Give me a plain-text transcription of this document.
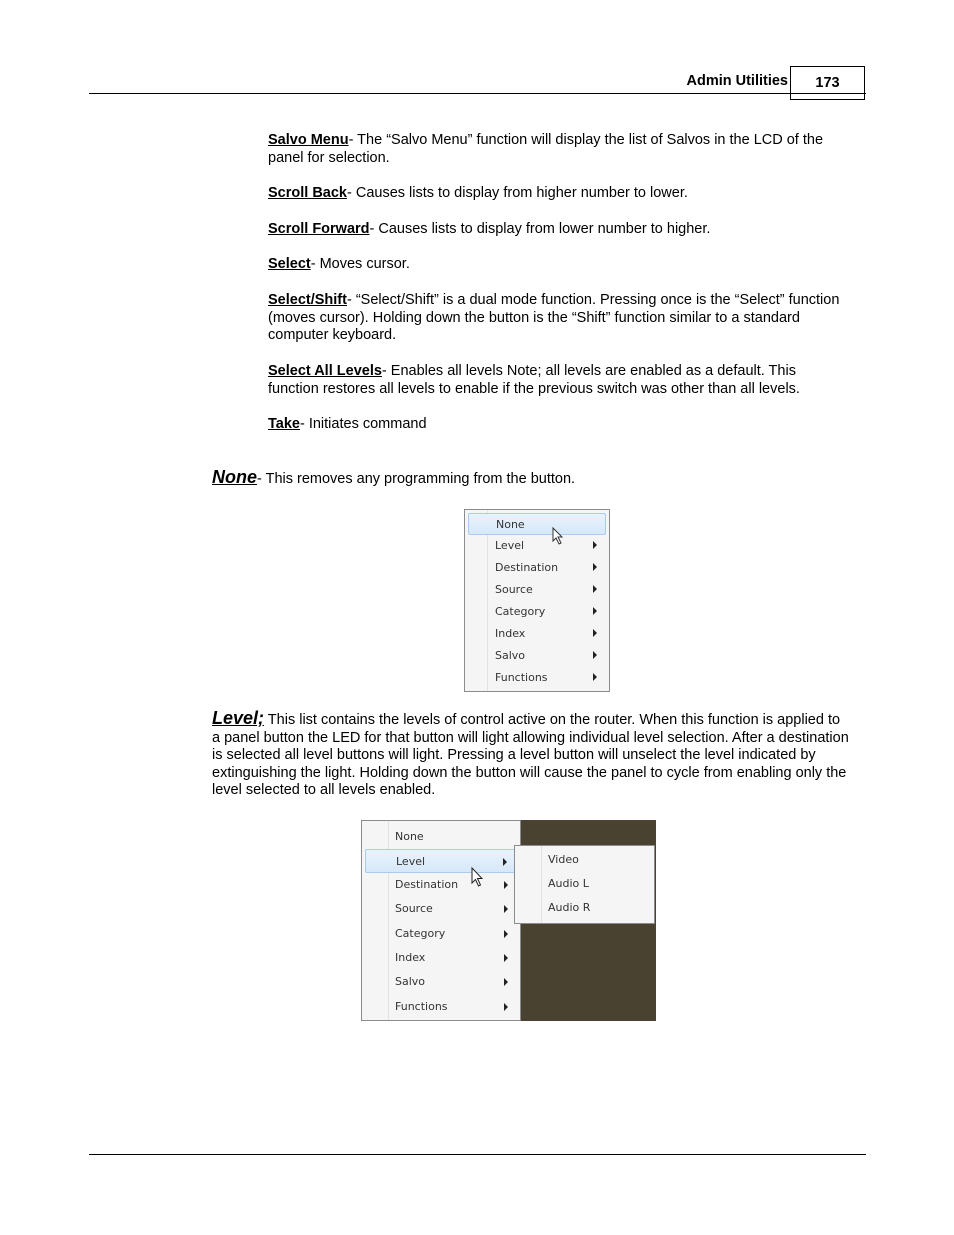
Admin Utilities	173
Salvo Menu- The “Salvo Menu” function will display the list of Salvos in the LCD of the panel for selection.
Scroll Back- Causes lists to display from higher number to lower.
Scroll Forward- Causes lists to display from lower number to higher.
Select- Moves cursor.
Select/Shift- “Select/Shift” is a dual mode function. Pressing once is the “Select” function (moves cursor). Holding down the button is the “Shift” function similar to a standard computer keyboard.
Select All Levels- Enables all levels Note; all levels are enabled as a default. This function restores all levels to enable if the previous switch was other than all levels.
Take- Initiates command
None- This removes any programming from the button.
None
Level
Destination
Source
Category
Index
Salvo
Functions
Level; This list contains the levels of control active on the router. When this function is applied to a panel button the LED for that button will light allowing individual level selection. After a destination is selected all level buttons will light. Pressing a level button will unselect the level indicated by extinguishing the light. Holding down the button will cause the panel to cycle from enabling only the level selected to all levels enabled.
None
Level
Destination
Source
Category
Index
Salvo
Functions
Video
Audio L
Audio R
